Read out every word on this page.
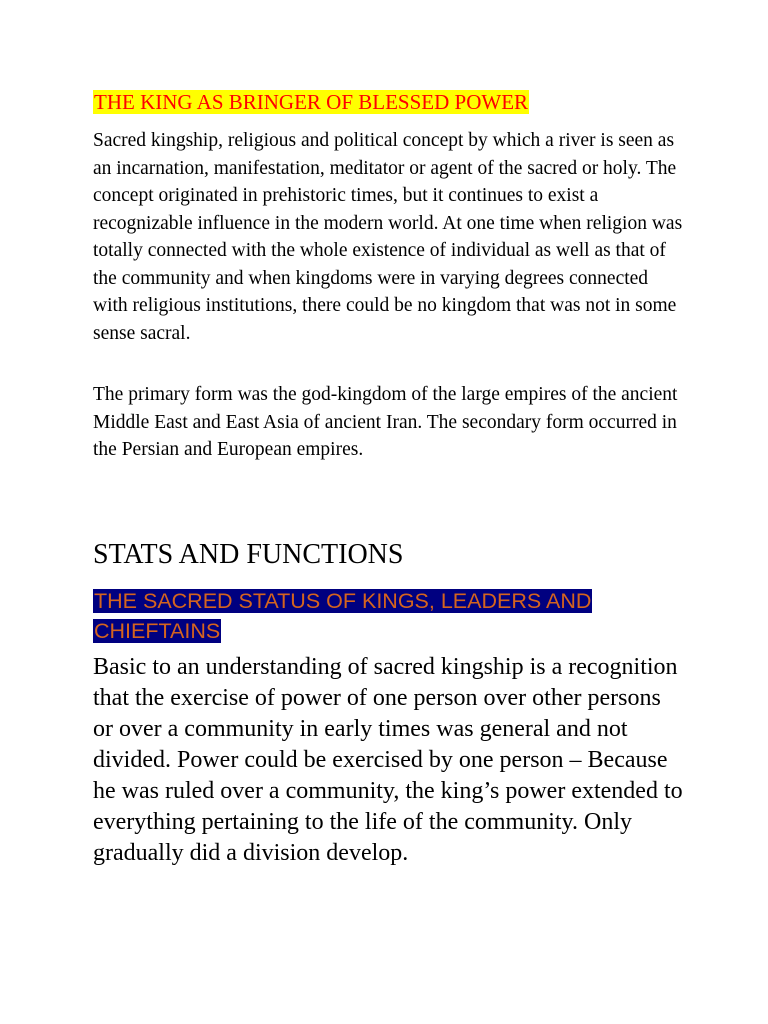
THE KING AS BRINGER OF BLESSED POWER

Sacred kingship, religious and political concept by which a river is seen as an incarnation, manifestation, meditator or agent of the sacred or holy. The concept originated in prehistoric times, but it continues to exist a recognizable influence in the modern world. At one time when religion was totally connected with the whole existence of individual as well as that of the community and when kingdoms were in varying degrees connected with religious institutions, there could be no kingdom that was not in some sense sacral.

The primary form was the god-kingdom of the large empires of the ancient Middle East and East Asia of ancient Iran. The secondary form occurred in the Persian and European empires.

STATS AND FUNCTIONS
THE SACRED STATUS OF KINGS, LEADERS AND CHIEFTAINS

Basic to an understanding of sacred kingship is a recognition that the exercise of power of one person over other persons or over a community in early times was general and not divided. Power could be exercised by one person – Because he was ruled over a community, the king’s power extended to everything pertaining to the life of the community. Only gradually did a division develop.
